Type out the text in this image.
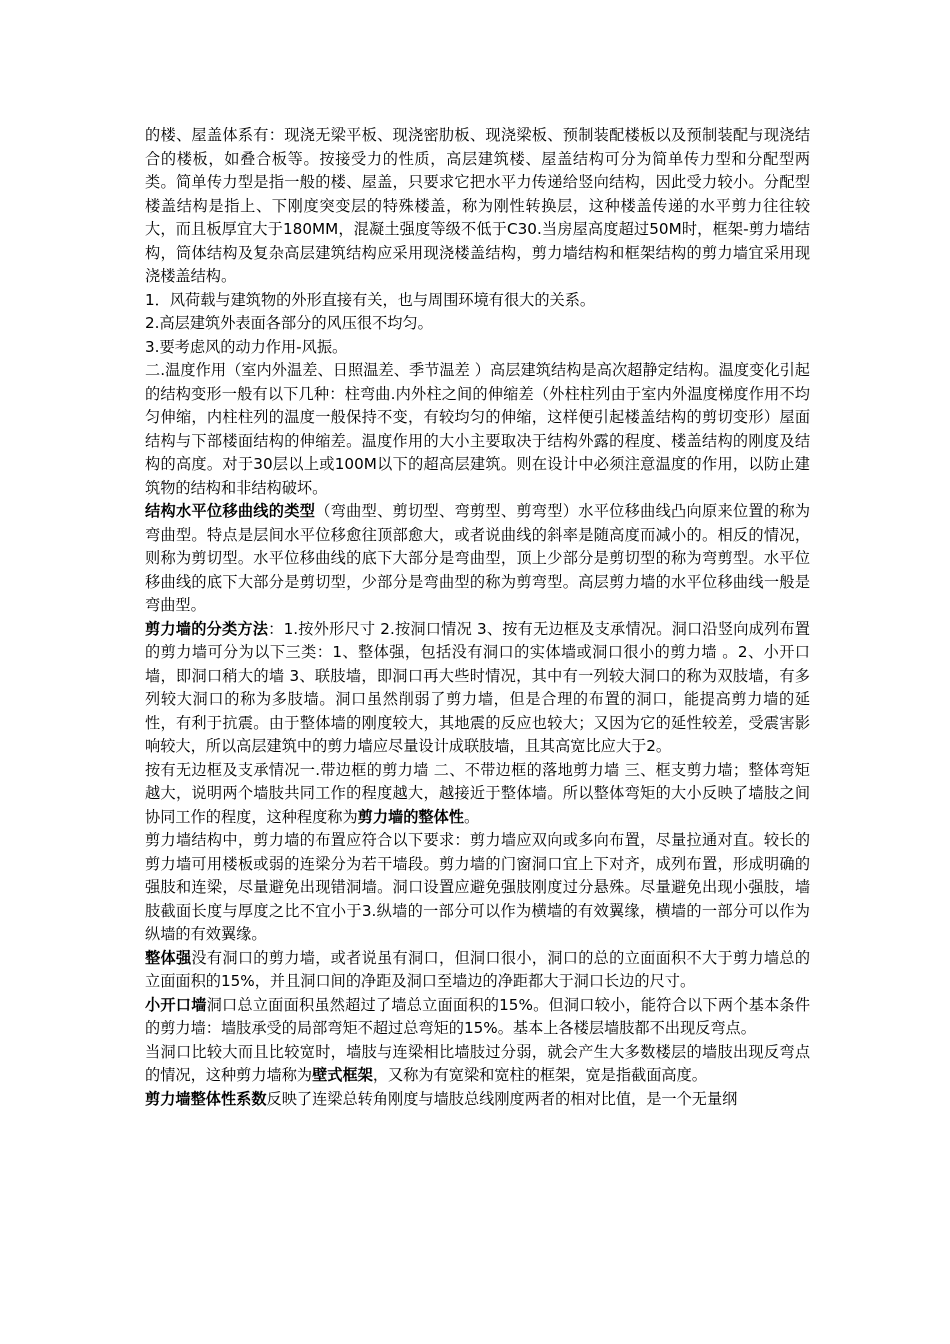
的楼、屋盖体系有：现浇无梁平板、现浇密肋板、现浇梁板、预制装配楼板以及预制装配与现浇结合的楼板，如叠合板等。按接受力的性质，高层建筑楼、屋盖结构可分为简单传力型和分配型两类。简单传力型是指一般的楼、屋盖，只要求它把水平力传递给竖向结构，因此受力较小。分配型楼盖结构是指上、下刚度突变层的特殊楼盖，称为刚性转换层，这种楼盖传递的水平剪力往往较大，而且板厚宜大于180MM，混凝土强度等级不低于C30.当房屋高度超过50M时，框架-剪力墙结构，筒体结构及复杂高层建筑结构应采用现浇楼盖结构，剪力墙结构和框架结构的剪力墙宜采用现浇楼盖结构。

1．风荷载与建筑物的外形直接有关，也与周围环境有很大的关系。

2.高层建筑外表面各部分的风压很不均匀。

3.要考虑风的动力作用-风振。

二.温度作用（室内外温差、日照温差、季节温差 ）高层建筑结构是高次超静定结构。温度变化引起的结构变形一般有以下几种：柱弯曲.内外柱之间的伸缩差（外柱柱列由于室内外温度梯度作用不均匀伸缩，内柱柱列的温度一般保持不变，有较均匀的伸缩，这样便引起楼盖结构的剪切变形）屋面结构与下部楼面结构的伸缩差。温度作用的大小主要取决于结构外露的程度、楼盖结构的刚度及结构的高度。对于30层以上或100M以下的超高层建筑。则在设计中必须注意温度的作用，以防止建筑物的结构和非结构破坏。

结构水平位移曲线的类型（弯曲型、剪切型、弯剪型、剪弯型）水平位移曲线凸向原来位置的称为弯曲型。特点是层间水平位移愈往顶部愈大，或者说曲线的斜率是随高度而减小的。相反的情况，则称为剪切型。水平位移曲线的底下大部分是弯曲型，顶上少部分是剪切型的称为弯剪型。水平位移曲线的底下大部分是剪切型，少部分是弯曲型的称为剪弯型。高层剪力墙的水平位移曲线一般是弯曲型。

剪力墙的分类方法：1.按外形尺寸 2.按洞口情况 3、按有无边框及支承情况。洞口沿竖向成列布置的剪力墙可分为以下三类：1、整体强，包括没有洞口的实体墙或洞口很小的剪力墙 。2、小开口墙，即洞口稍大的墙 3、联肢墙，即洞口再大些时情况，其中有一列较大洞口的称为双肢墙，有多列较大洞口的称为多肢墙。洞口虽然削弱了剪力墙，但是合理的布置的洞口，能提高剪力墙的延性，有利于抗震。由于整体墙的刚度较大，其地震的反应也较大；又因为它的延性较差，受震害影响较大，所以高层建筑中的剪力墙应尽量设计成联肢墙，且其高宽比应大于2。

按有无边框及支承情况一.带边框的剪力墙 二、不带边框的落地剪力墙 三、框支剪力墙；整体弯矩越大，说明两个墙肢共同工作的程度越大，越接近于整体墙。所以整体弯矩的大小反映了墙肢之间协同工作的程度，这种程度称为剪力墙的整体性。

剪力墙结构中，剪力墙的布置应符合以下要求：剪力墙应双向或多向布置，尽量拉通对直。较长的剪力墙可用楼板或弱的连梁分为若干墙段。剪力墙的门窗洞口宜上下对齐，成列布置，形成明确的强肢和连梁，尽量避免出现错洞墙。洞口设置应避免强肢刚度过分悬殊。尽量避免出现小强肢，墙肢截面长度与厚度之比不宜小于3.纵墙的一部分可以作为横墙的有效翼缘，横墙的一部分可以作为纵墙的有效翼缘。

整体强没有洞口的剪力墙，或者说虽有洞口，但洞口很小，洞口的总的立面面积不大于剪力墙总的立面面积的15%，并且洞口间的净距及洞口至墙边的净距都大于洞口长边的尺寸。

小开口墙洞口总立面面积虽然超过了墙总立面面积的15%。但洞口较小，能符合以下两个基本条件的剪力墙：墙肢承受的局部弯矩不超过总弯矩的15%。基本上各楼层墙肢都不出现反弯点。

当洞口比较大而且比较宽时，墙肢与连梁相比墙肢过分弱，就会产生大多数楼层的墙肢出现反弯点的情况，这种剪力墙称为壁式框架，又称为有宽梁和宽柱的框架，宽是指截面高度。

剪力墙整体性系数反映了连梁总转角刚度与墙肢总线刚度两者的相对比值，是一个无量纲
